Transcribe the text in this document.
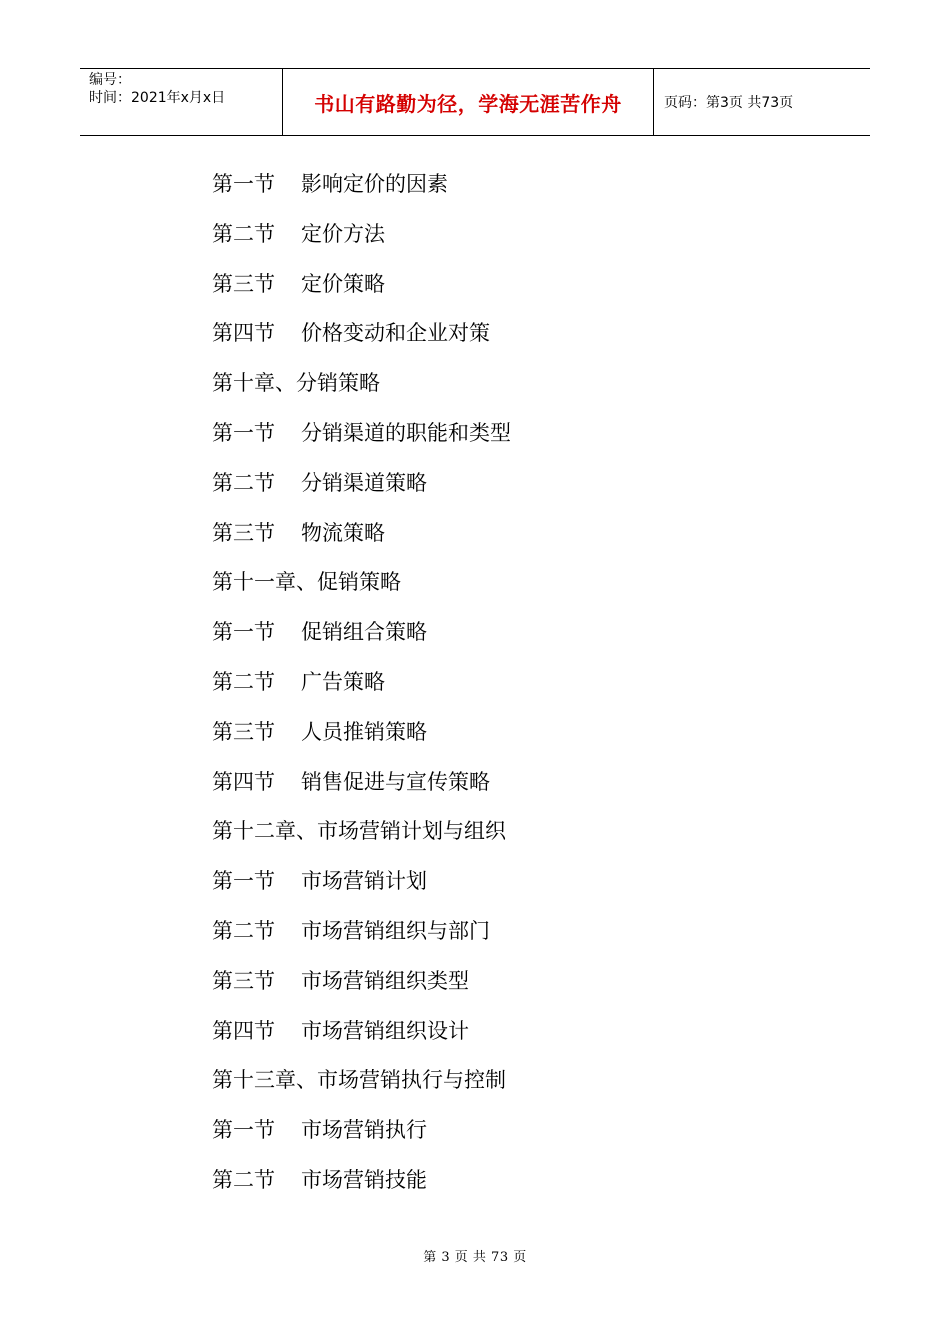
编号：
时间：2021年x月x日	书山有路勤为径，学海无涯苦作舟	页码：第3页 共73页
第一节 影响定价的因素
第二节 定价方法
第三节 定价策略
第四节 价格变动和企业对策
第十章、分销策略
第一节 分销渠道的职能和类型
第二节 分销渠道策略
第三节 物流策略
第十一章、促销策略
第一节 促销组合策略
第二节 广告策略
第三节 人员推销策略
第四节 销售促进与宣传策略
第十二章、市场营销计划与组织
第一节 市场营销计划
第二节 市场营销组织与部门
第三节 市场营销组织类型
第四节 市场营销组织设计
第十三章、市场营销执行与控制
第一节 市场营销执行
第二节 市场营销技能
第 3 页 共 73 页
